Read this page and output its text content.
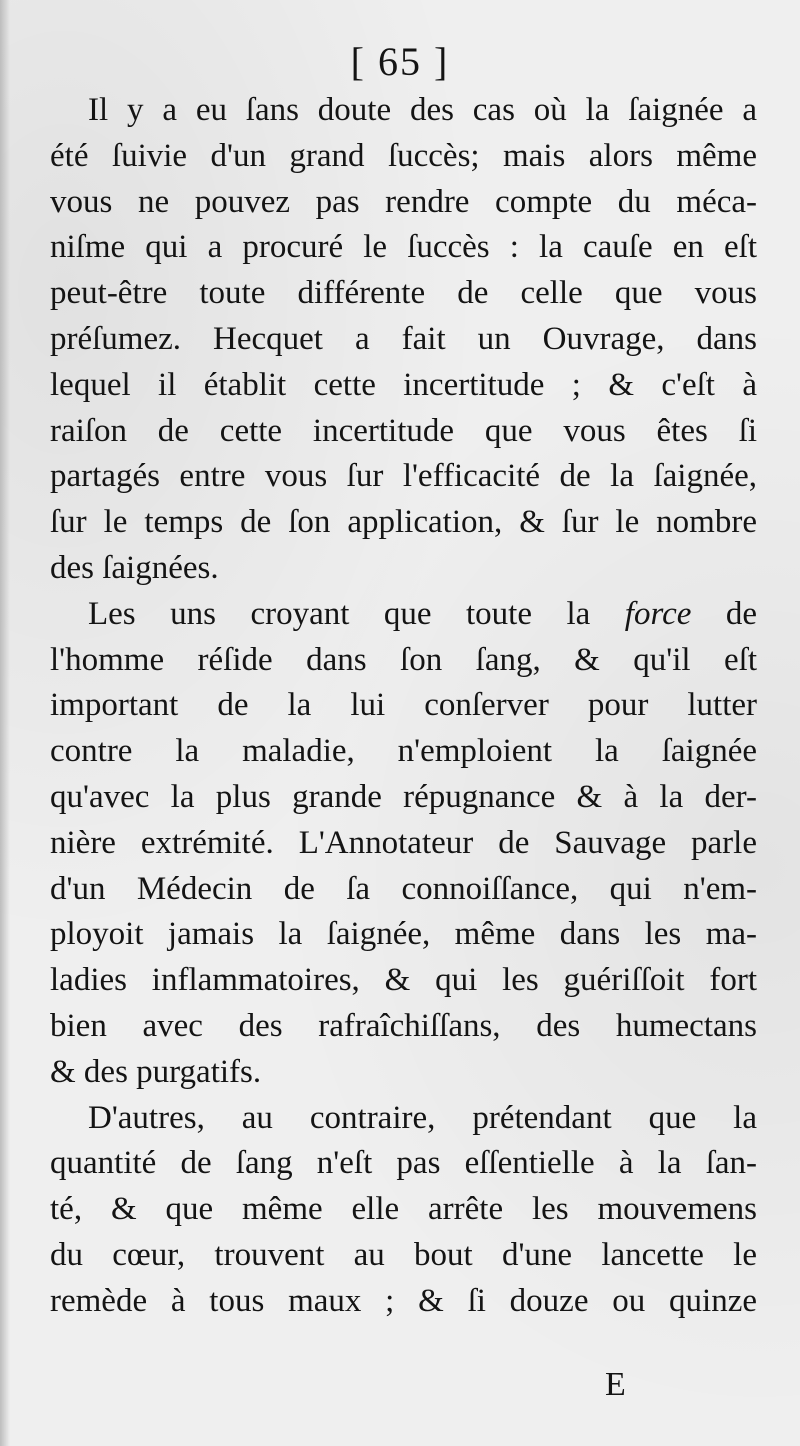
[ 65 ]
Il y a eu ſans doute des cas où la ſaignée a
été ſuivie d'un grand ſuccès; mais alors même
vous ne pouvez pas rendre compte du méca-
niſme qui a procuré le ſuccès : la cauſe en eſt
peut-être toute différente de celle que vous
préſumez. Hecquet a fait un Ouvrage, dans
lequel il établit cette incertitude ; & c'eſt à
raiſon de cette incertitude que vous êtes ſi
partagés entre vous ſur l'efficacité de la ſaignée,
ſur le temps de ſon application, & ſur le nombre
des ſaignées.
Les uns croyant que toute la force de
l'homme réſide dans ſon ſang, & qu'il eſt
important de la lui conſerver pour lutter
contre la maladie, n'emploient la ſaignée
qu'avec la plus grande répugnance & à la der-
nière extrémité. L'Annotateur de Sauvage parle
d'un Médecin de ſa connoiſſance, qui n'em-
ployoit jamais la ſaignée, même dans les ma-
ladies inflammatoires, & qui les guériſſoit fort
bien avec des rafraîchiſſans, des humectans
& des purgatifs.
D'autres, au contraire, prétendant que la
quantité de ſang n'eſt pas eſſentielle à la ſan-
té, & que même elle arrête les mouvemens
du cœur, trouvent au bout d'une lancette le
remède à tous maux ; & ſi douze ou quinze
E
